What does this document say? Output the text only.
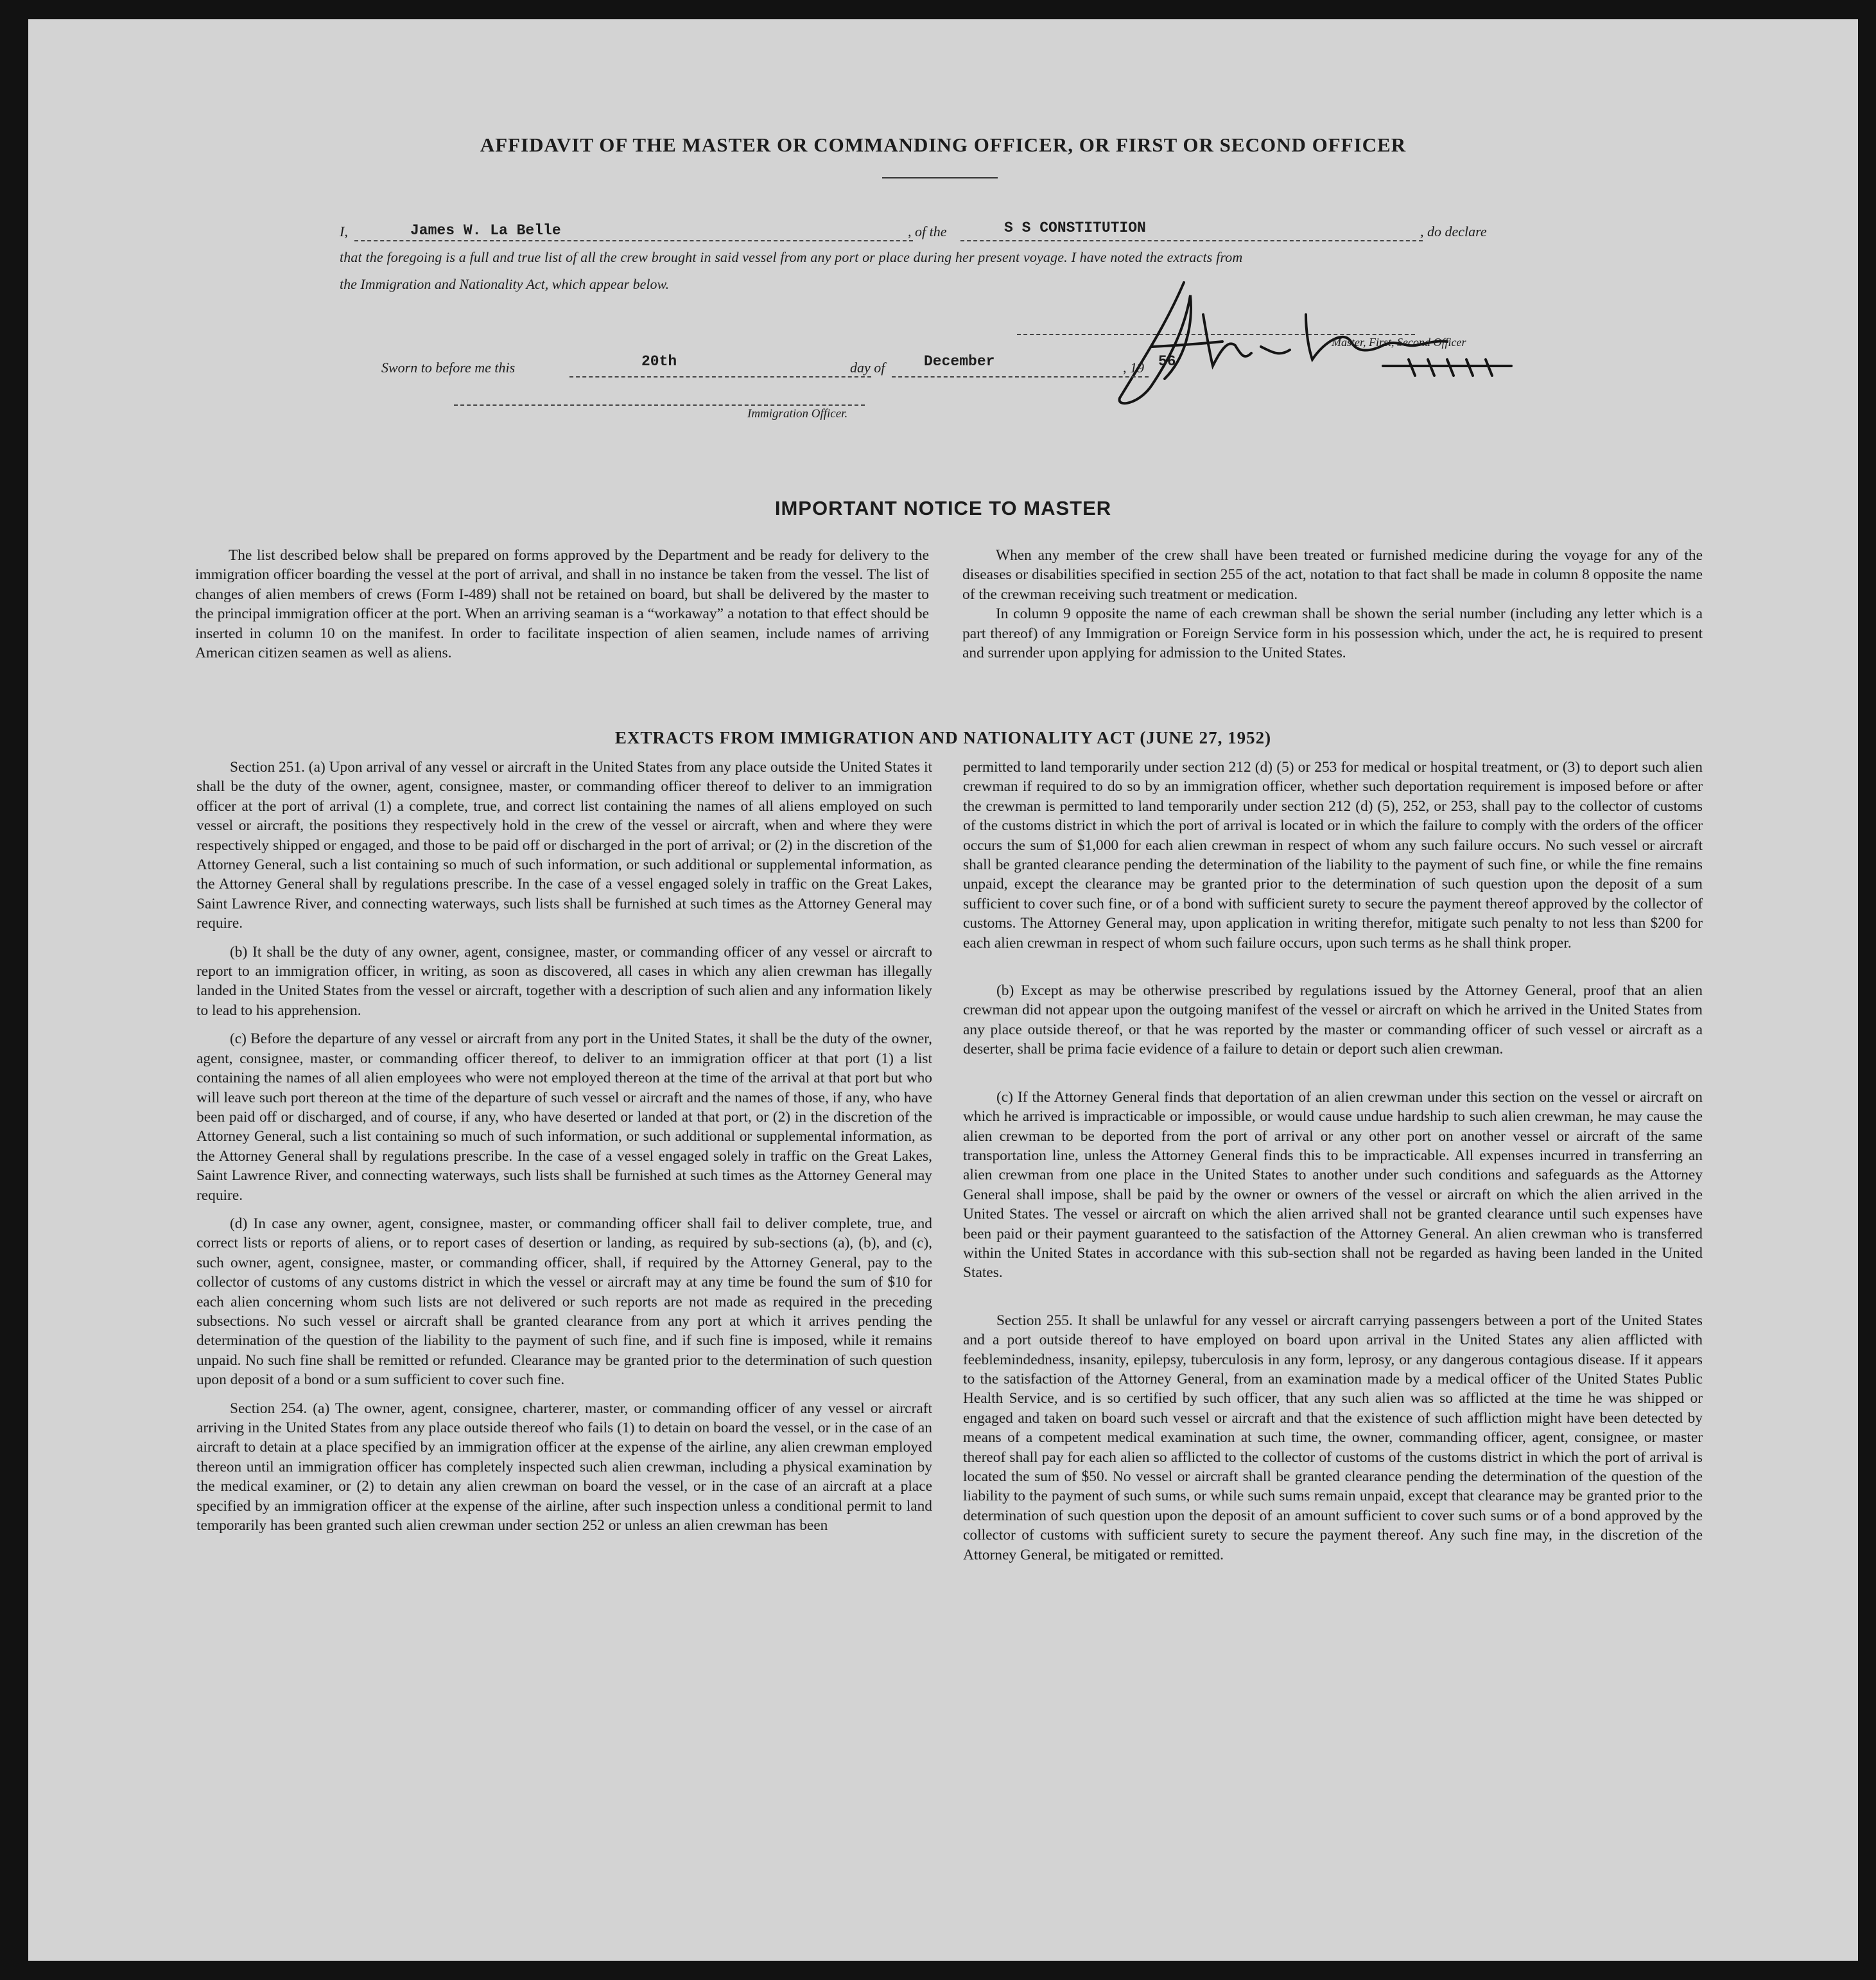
AFFIDAVIT OF THE MASTER OR COMMANDING OFFICER, OR FIRST OR SECOND OFFICER
I,	James W. La Belle	, of the	S S CONSTITUTION	, do declare
that the foregoing is a full and true list of all the crew brought in said vessel from any port or place during her present voyage. I have noted the extracts from
the Immigration and Nationality Act, which appear below.
Master, First, Second Officer
Sworn to before me this	20th	day of	December	, 19 56
Immigration Officer.
IMPORTANT NOTICE TO MASTER

The list described below shall be prepared on forms approved by the Department and be ready for delivery to the immigration officer boarding the vessel at the port of arrival, and shall in no instance be taken from the vessel. The list of changes of alien members of crews (Form I-489) shall not be retained on board, but shall be delivered by the master to the principal immigration officer at the port. When an arriving seaman is a “workaway” a notation to that effect should be inserted in column 10 on the manifest. In order to facilitate inspection of alien seamen, include names of arriving American citizen seamen as well as aliens.

When any member of the crew shall have been treated or furnished medicine during the voyage for any of the diseases or disabilities specified in section 255 of the act, notation to that fact shall be made in column 8 opposite the name of the crewman receiving such treatment or medication.

In column 9 opposite the name of each crewman shall be shown the serial number (including any letter which is a part thereof) of any Immigration or Foreign Service form in his possession which, under the act, he is required to present and surrender upon applying for admission to the United States.

EXTRACTS FROM IMMIGRATION AND NATIONALITY ACT (JUNE 27, 1952)

Section 251. (a) Upon arrival of any vessel or aircraft in the United States from any place outside the United States it shall be the duty of the owner, agent, consignee, master, or commanding officer thereof to deliver to an immigration officer at the port of arrival (1) a complete, true, and correct list containing the names of all aliens employed on such vessel or aircraft, the positions they respectively hold in the crew of the vessel or aircraft, when and where they were respectively shipped or engaged, and those to be paid off or discharged in the port of arrival; or (2) in the discretion of the Attorney General, such a list containing so much of such information, or such additional or supplemental information, as the Attorney General shall by regulations prescribe. In the case of a vessel engaged solely in traffic on the Great Lakes, Saint Lawrence River, and connecting waterways, such lists shall be furnished at such times as the Attorney General may require.

(b) It shall be the duty of any owner, agent, consignee, master, or commanding officer of any vessel or aircraft to report to an immigration officer, in writing, as soon as discovered, all cases in which any alien crewman has illegally landed in the United States from the vessel or aircraft, together with a description of such alien and any information likely to lead to his apprehension.

(c) Before the departure of any vessel or aircraft from any port in the United States, it shall be the duty of the owner, agent, consignee, master, or commanding officer thereof, to deliver to an immigration officer at that port (1) a list containing the names of all alien employees who were not employed thereon at the time of the arrival at that port but who will leave such port thereon at the time of the departure of such vessel or aircraft and the names of those, if any, who have been paid off or discharged, and of course, if any, who have deserted or landed at that port, or (2) in the discretion of the Attorney General, such a list containing so much of such information, or such additional or supplemental information, as the Attorney General shall by regulations prescribe. In the case of a vessel engaged solely in traffic on the Great Lakes, Saint Lawrence River, and connecting waterways, such lists shall be furnished at such times as the Attorney General may require.

(d) In case any owner, agent, consignee, master, or commanding officer shall fail to deliver complete, true, and correct lists or reports of aliens, or to report cases of desertion or landing, as required by sub-sections (a), (b), and (c), such owner, agent, consignee, master, or commanding officer, shall, if required by the Attorney General, pay to the collector of customs of any customs district in which the vessel or aircraft may at any time be found the sum of $10 for each alien concerning whom such lists are not delivered or such reports are not made as required in the preceding subsections. No such vessel or aircraft shall be granted clearance from any port at which it arrives pending the determination of the question of the liability to the payment of such fine, and if such fine is imposed, while it remains unpaid. No such fine shall be remitted or refunded. Clearance may be granted prior to the determination of such question upon deposit of a bond or a sum sufficient to cover such fine.

Section 254. (a) The owner, agent, consignee, charterer, master, or commanding officer of any vessel or aircraft arriving in the United States from any place outside thereof who fails (1) to detain on board the vessel, or in the case of an aircraft to detain at a place specified by an immigration officer at the expense of the airline, any alien crewman employed thereon until an immigration officer has completely inspected such alien crewman, including a physical examination by the medical examiner, or (2) to detain any alien crewman on board the vessel, or in the case of an aircraft at a place specified by an immigration officer at the expense of the airline, after such inspection unless a conditional permit to land temporarily has been granted such alien crewman under section 252 or unless an alien crewman has been

permitted to land temporarily under section 212 (d) (5) or 253 for medical or hospital treatment, or (3) to deport such alien crewman if required to do so by an immigration officer, whether such deportation requirement is imposed before or after the crewman is permitted to land temporarily under section 212 (d) (5), 252, or 253, shall pay to the collector of customs of the customs district in which the port of arrival is located or in which the failure to comply with the orders of the officer occurs the sum of $1,000 for each alien crewman in respect of whom any such failure occurs. No such vessel or aircraft shall be granted clearance pending the determination of the liability to the payment of such fine, or while the fine remains unpaid, except the clearance may be granted prior to the determination of such question upon the deposit of a sum sufficient to cover such fine, or of a bond with sufficient surety to secure the payment thereof approved by the collector of customs. The Attorney General may, upon application in writing therefor, mitigate such penalty to not less than $200 for each alien crewman in respect of whom such failure occurs, upon such terms as he shall think proper.

(b) Except as may be otherwise prescribed by regulations issued by the Attorney General, proof that an alien crewman did not appear upon the outgoing manifest of the vessel or aircraft on which he arrived in the United States from any place outside thereof, or that he was reported by the master or commanding officer of such vessel or aircraft as a deserter, shall be prima facie evidence of a failure to detain or deport such alien crewman.

(c) If the Attorney General finds that deportation of an alien crewman under this section on the vessel or aircraft on which he arrived is impracticable or impossible, or would cause undue hardship to such alien crewman, he may cause the alien crewman to be deported from the port of arrival or any other port on another vessel or aircraft of the same transportation line, unless the Attorney General finds this to be impracticable. All expenses incurred in transferring an alien crewman from one place in the United States to another under such conditions and safeguards as the Attorney General shall impose, shall be paid by the owner or owners of the vessel or aircraft on which the alien arrived in the United States. The vessel or aircraft on which the alien arrived shall not be granted clearance until such expenses have been paid or their payment guaranteed to the satisfaction of the Attorney General. An alien crewman who is transferred within the United States in accordance with this sub-section shall not be regarded as having been landed in the United States.

Section 255. It shall be unlawful for any vessel or aircraft carrying passengers between a port of the United States and a port outside thereof to have employed on board upon arrival in the United States any alien afflicted with feeblemindedness, insanity, epilepsy, tuberculosis in any form, leprosy, or any dangerous contagious disease. If it appears to the satisfaction of the Attorney General, from an examination made by a medical officer of the United States Public Health Service, and is so certified by such officer, that any such alien was so afflicted at the time he was shipped or engaged and taken on board such vessel or aircraft and that the existence of such affliction might have been detected by means of a competent medical examination at such time, the owner, commanding officer, agent, consignee, or master thereof shall pay for each alien so afflicted to the collector of customs of the customs district in which the port of arrival is located the sum of $50. No vessel or aircraft shall be granted clearance pending the determination of the question of the liability to the payment of such sums, or while such sums remain unpaid, except that clearance may be granted prior to the determination of such question upon the deposit of an amount sufficient to cover such sums or of a bond approved by the collector of customs with sufficient surety to secure the payment thereof. Any such fine may, in the discretion of the Attorney General, be mitigated or remitted.
